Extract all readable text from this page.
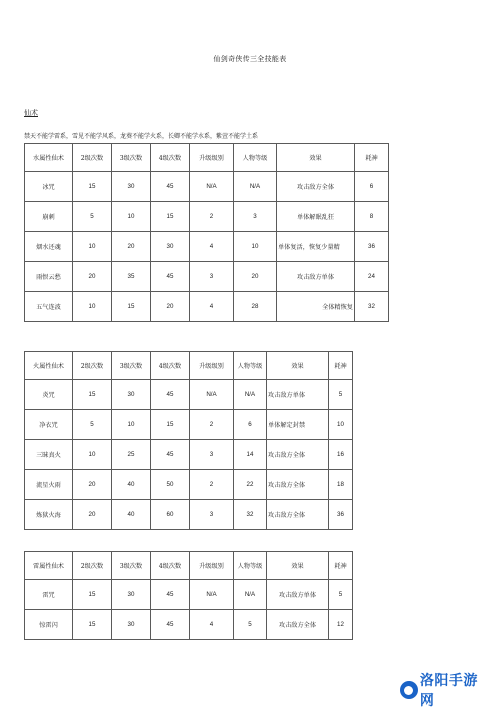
仙剑奇侠传三全技能表
仙术
禁天不能学雷系，雪见不能学风系，龙葵不能学火系，长卿不能学水系，紫萱不能学土系
水属性仙术	2级次数	3级次数	4级次数	升级级别	人物等级	效果	耗神
冰咒	15	30	45	N/A	N/A	攻击敌方全体	6
崩刺	5	10	15	2	3	单体解眠乱狂	8
烟水还魂	10	20	30	4	10	单体复活，恢复少量精	36
雨恨云愁	20	35	45	3	20	攻击敌方单体	24
五气连波	10	15	20	4	28	全体精恢复	32
火属性仙术	2级次数	3级次数	4级次数	升级级别	人物等级	效果	耗神
炎咒	15	30	45	N/A	N/A	攻击敌方单体	5
净衣咒	5	10	15	2	6	单体解定封禁	10
三昧真火	10	25	45	3	14	攻击敌方全体	16
流星火雨	20	40	50	2	22	攻击敌方全体	18
炼狱火海	20	40	60	3	32	攻击敌方全体	36
雷属性仙术	2级次数	3级次数	4级次数	升级级别	人物等级	效果	耗神
雷咒	15	30	45	N/A	N/A	攻击敌方单体	5
惊雷闪	15	30	45	4	5	攻击敌方全体	12
洛阳手游网
